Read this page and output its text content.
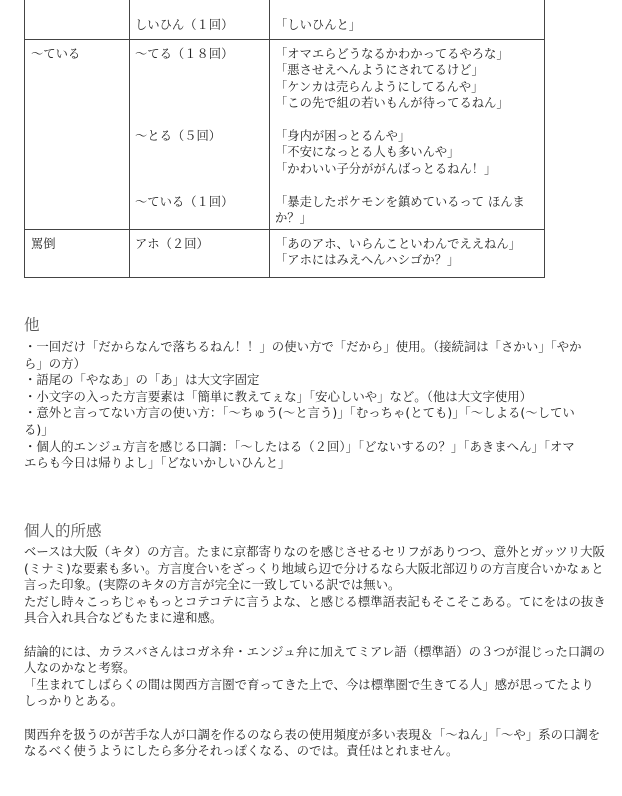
しいひん（１回）	「しいひんと」
〜ている	〜てる（１８回）	「オマエらどうなるかわかってるやろな」
「悪させえへんようにされてるけど」
「ケンカは売らんようにしてるんや」
「この先で組の若いもんが待ってるねん」
〜とる（５回）	「身内が困っとるんや」
「不安になっとる人も多いんや」
「かわいい子分ががんばっとるねん！」
〜ている（１回）	「暴走したポケモンを鎮めているって ほんま
か？」
罵倒	アホ（２回）	「あのアホ、いらんこといわんでええねん」
「アホにはみえへんハシゴか？」
他
・一回だけ「だからなんで落ちるねん！！」の使い方で「だから」使用。（接続詞は「さかい」「やか
ら」の方）
・語尾の「やなあ」の「あ」は大文字固定
・小文字の入った方言要素は「簡単に教えてぇな」「安心しいや」など。（他は大文字使用）
・意外と言ってない方言の使い方：「〜ちゅう(〜と言う)」「むっちゃ(とても)」「〜しよる(〜してい
る)」
・個人的エンジュ方言を感じる口調：「〜したはる（２回）」「どないするの？」「あきまへん」「オマ
エらも今日は帰りよし」「どないかしいひんと」
個人的所感
ベースは大阪（キタ）の方言。たまに京都寄りなのを感じさせるセリフがありつつ、意外とガッツリ大阪
(ミナミ)な要素も多い。方言度合いをざっくり地域ら辺で分けるなら大阪北部辺りの方言度合いかなぁと
言った印象。(実際のキタの方言が完全に一致している訳では無い。
ただし時々こっちじゃもっとコテコテに言うよな、と感じる標準語表記もそこそこある。てにをはの抜き
具合入れ具合などもたまに違和感。
結論的には、カラスバさんはコガネ弁・エンジュ弁に加えてミアレ語（標準語）の３つが混じった口調の
人なのかなと考察。
「生まれてしばらくの間は関西方言圏で育ってきた上で、今は標準圏で生きてる人」感が思ってたより
しっかりとある。
関西弁を扱うのが苦手な人が口調を作るのなら表の使用頻度が多い表現＆「〜ねん」「〜や」系の口調を
なるべく使うようにしたら多分それっぽくなる、のでは。責任はとれません。
